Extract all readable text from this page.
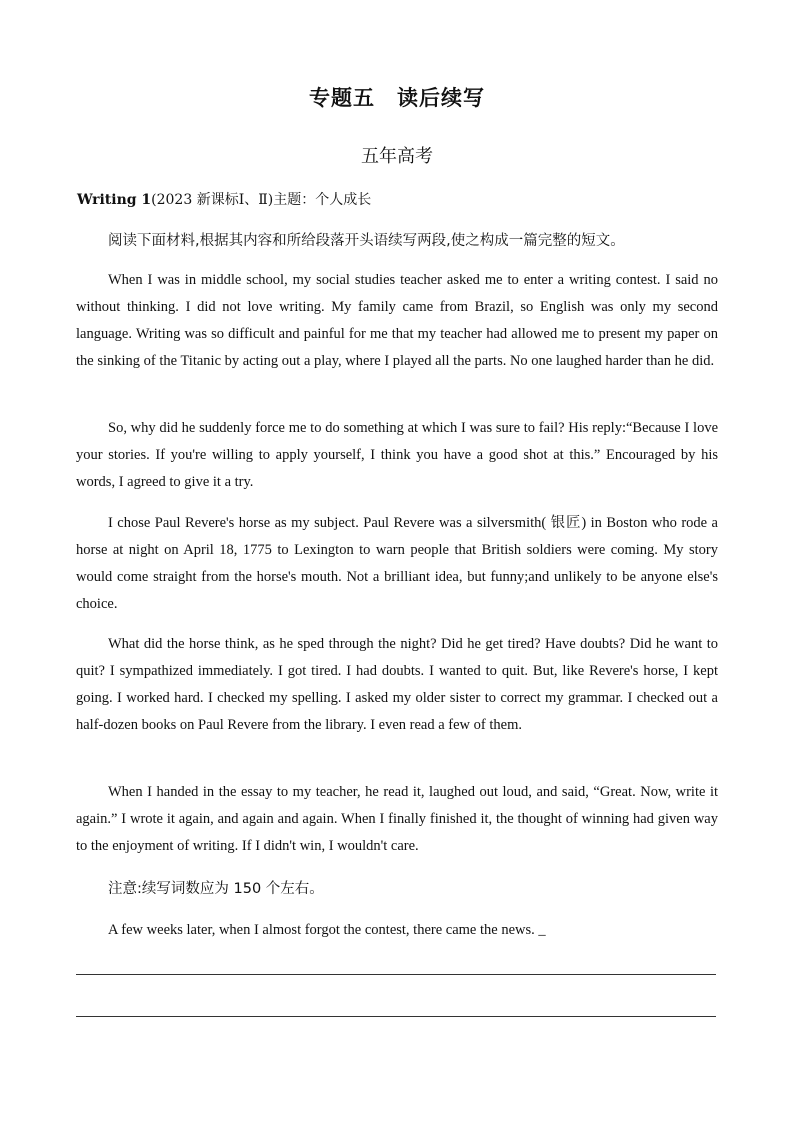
专题五　读后续写
五年高考
Writing 1(2023 新课标Ⅰ、Ⅱ)主题：个人成长
阅读下面材料,根据其内容和所给段落开头语续写两段,使之构成一篇完整的短文。

When I was in middle school, my social studies teacher asked me to enter a writing contest. I said no without thinking. I did not love writing. My family came from Brazil, so English was only my second language. Writing was so difficult and painful for me that my teacher had allowed me to present my paper on the sinking of the Titanic by acting out a play, where I played all the parts. No one laughed harder than he did.

So, why did he suddenly force me to do something at which I was sure to fail? His reply:“Because I love your stories. If you're willing to apply yourself, I think you have a good shot at this.” Encouraged by his words, I agreed to give it a try.

I chose Paul Revere's horse as my subject. Paul Revere was a silversmith( 银匠) in Boston who rode a horse at night on April 18, 1775 to Lexington to warn people that British soldiers were coming. My story would come straight from the horse's mouth. Not a brilliant idea, but funny;and unlikely to be anyone else's choice.

What did the horse think, as he sped through the night? Did he get tired? Have doubts? Did he want to quit? I sympathized immediately. I got tired. I had doubts. I wanted to quit. But, like Revere's horse, I kept going. I worked hard. I checked my spelling. I asked my older sister to correct my grammar. I checked out a half-dozen books on Paul Revere from the library. I even read a few of them.

When I handed in the essay to my teacher, he read it, laughed out loud, and said, “Great. Now, write it again.” I wrote it again, and again and again. When I finally finished it, the thought of winning had given way to the enjoyment of writing. If I didn't win, I wouldn't care.

注意:续写词数应为 150 个左右。
A few weeks later, when I almost forgot the contest, there came the news. _
